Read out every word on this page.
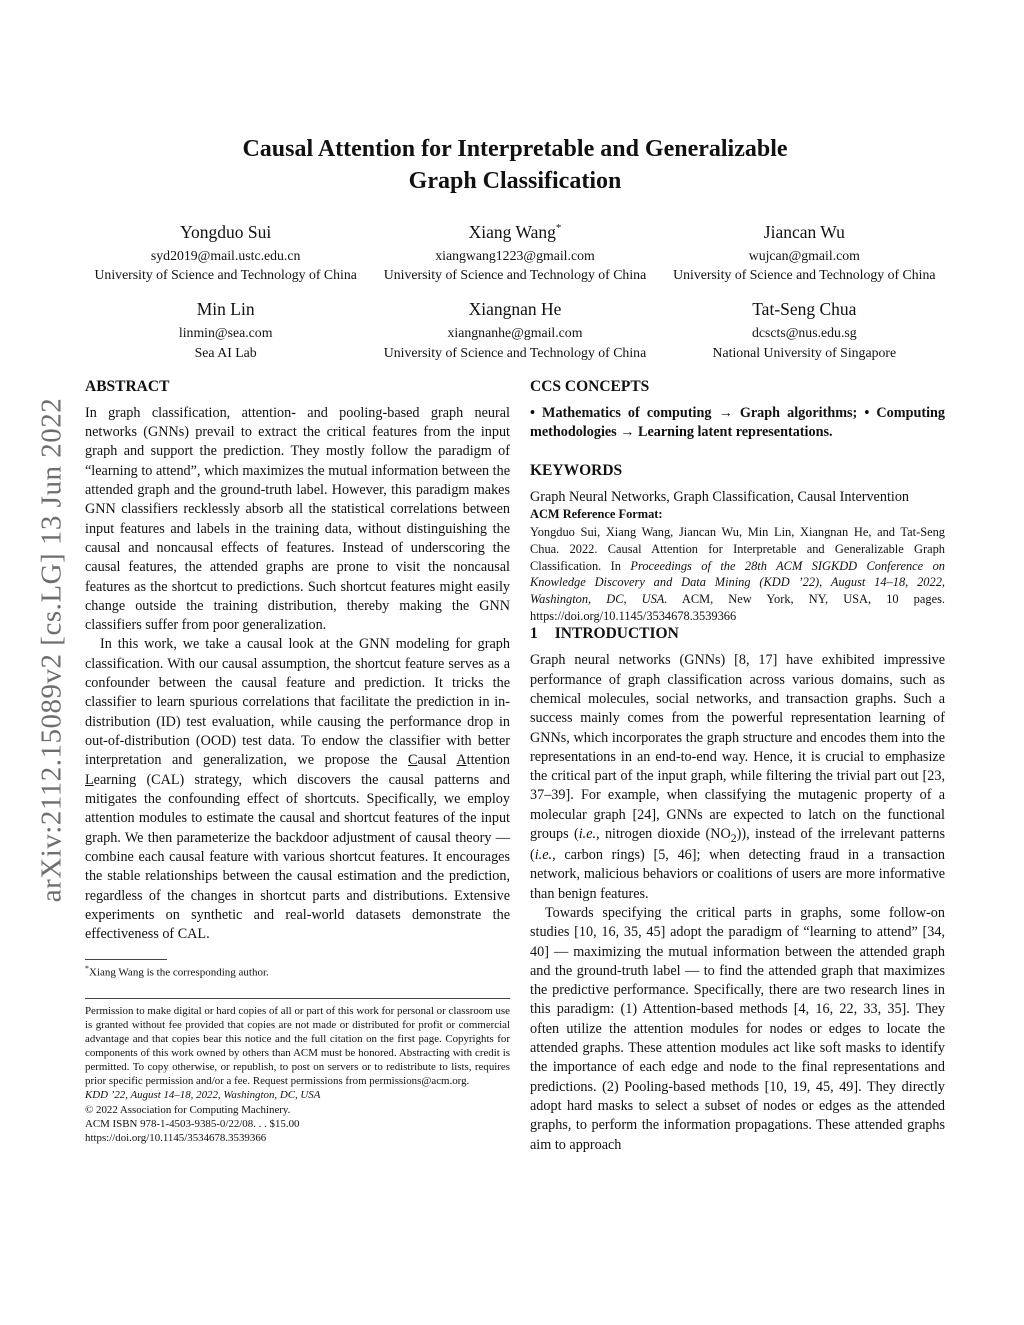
arXiv:2112.15089v2 [cs.LG] 13 Jun 2022
Causal Attention for Interpretable and Generalizable
Graph Classification
Yongduo Sui
syd2019@mail.ustc.edu.cn
University of Science and Technology of China
Xiang Wang*
xiangwang1223@gmail.com
University of Science and Technology of China
Jiancan Wu
wujcan@gmail.com
University of Science and Technology of China
Min Lin
linmin@sea.com
Sea AI Lab
Xiangnan He
xiangnanhe@gmail.com
University of Science and Technology of China
Tat-Seng Chua
dcscts@nus.edu.sg
National University of Singapore
ABSTRACT

In graph classification, attention- and pooling-based graph neural networks (GNNs) prevail to extract the critical features from the input graph and support the prediction. They mostly follow the paradigm of “learning to attend”, which maximizes the mutual information between the attended graph and the ground-truth label. However, this paradigm makes GNN classifiers recklessly absorb all the statistical correlations between input features and labels in the training data, without distinguishing the causal and noncausal effects of features. Instead of underscoring the causal features, the attended graphs are prone to visit the noncausal features as the shortcut to predictions. Such shortcut features might easily change outside the training distribution, thereby making the GNN classifiers suffer from poor generalization.

In this work, we take a causal look at the GNN modeling for graph classification. With our causal assumption, the shortcut feature serves as a confounder between the causal feature and prediction. It tricks the classifier to learn spurious correlations that facilitate the prediction in in-distribution (ID) test evaluation, while causing the performance drop in out-of-distribution (OOD) test data. To endow the classifier with better interpretation and generalization, we propose the Causal Attention Learning (CAL) strategy, which discovers the causal patterns and mitigates the confounding effect of shortcuts. Specifically, we employ attention modules to estimate the causal and shortcut features of the input graph. We then parameterize the backdoor adjustment of causal theory — combine each causal feature with various shortcut features. It encourages the stable relationships between the causal estimation and the prediction, regardless of the changes in shortcut parts and distributions. Extensive experiments on synthetic and real-world datasets demonstrate the effectiveness of CAL.

*Xiang Wang is the corresponding author.

Permission to make digital or hard copies of all or part of this work for personal or classroom use is granted without fee provided that copies are not made or distributed for profit or commercial advantage and that copies bear this notice and the full citation on the first page. Copyrights for components of this work owned by others than ACM must be honored. Abstracting with credit is permitted. To copy otherwise, or republish, to post on servers or to redistribute to lists, requires prior specific permission and/or a fee. Request permissions from permissions@acm.org.

KDD ’22, August 14–18, 2022, Washington, DC, USA

© 2022 Association for Computing Machinery.

ACM ISBN 978-1-4503-9385-0/22/08. . . $15.00

https://doi.org/10.1145/3534678.3539366

CCS CONCEPTS

• Mathematics of computing → Graph algorithms; • Computing methodologies → Learning latent representations.

KEYWORDS

Graph Neural Networks, Graph Classification, Causal Intervention

ACM Reference Format:

Yongduo Sui, Xiang Wang, Jiancan Wu, Min Lin, Xiangnan He, and Tat-Seng Chua. 2022. Causal Attention for Interpretable and Generalizable Graph Classification. In Proceedings of the 28th ACM SIGKDD Conference on Knowledge Discovery and Data Mining (KDD ’22), August 14–18, 2022, Washington, DC, USA. ACM, New York, NY, USA, 10 pages. https://doi.org/10.1145/3534678.3539366

1 INTRODUCTION

Graph neural networks (GNNs) [8, 17] have exhibited impressive performance of graph classification across various domains, such as chemical molecules, social networks, and transaction graphs. Such a success mainly comes from the powerful representation learning of GNNs, which incorporates the graph structure and encodes them into the representations in an end-to-end way. Hence, it is crucial to emphasize the critical part of the input graph, while filtering the trivial part out [23, 37–39]. For example, when classifying the mutagenic property of a molecular graph [24], GNNs are expected to latch on the functional groups (i.e., nitrogen dioxide $(NO_2)$), instead of the irrelevant patterns (i.e., carbon rings) [5, 46]; when detecting fraud in a transaction network, malicious behaviors or coalitions of users are more informative than benign features.

Towards specifying the critical parts in graphs, some follow-on studies [10, 16, 35, 45] adopt the paradigm of “learning to attend” [34, 40] — maximizing the mutual information between the attended graph and the ground-truth label — to find the attended graph that maximizes the predictive performance. Specifically, there are two research lines in this paradigm: (1) Attention-based methods [4, 16, 22, 33, 35]. They often utilize the attention modules for nodes or edges to locate the attended graphs. These attention modules act like soft masks to identify the importance of each edge and node to the final representations and predictions. (2) Pooling-based methods [10, 19, 45, 49]. They directly adopt hard masks to select a subset of nodes or edges as the attended graphs, to perform the information propagations. These attended graphs aim to approach
